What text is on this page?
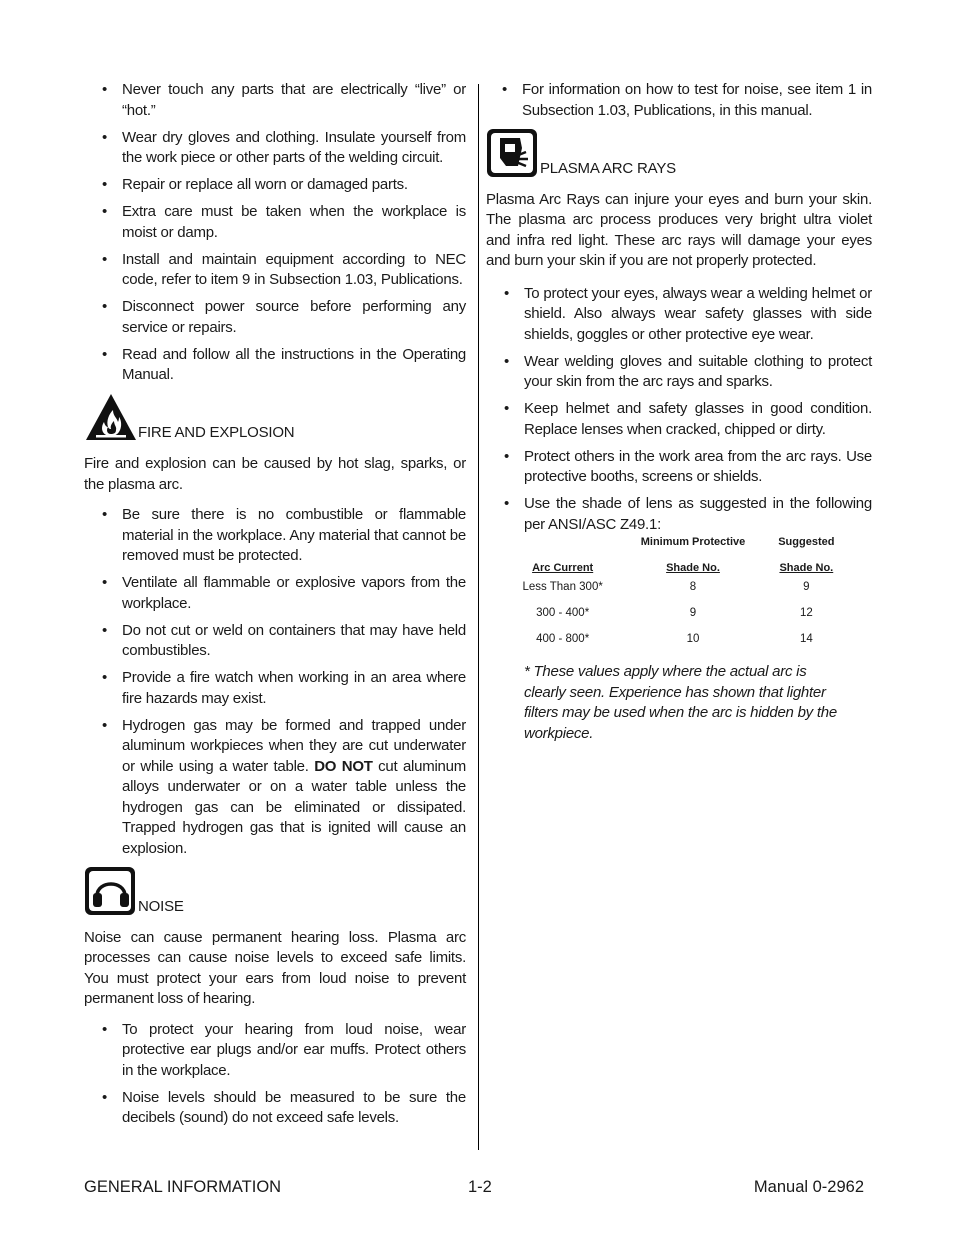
• Never touch any parts that are electrically “live” or “hot.”
• Wear dry gloves and clothing. Insulate yourself from the work piece or other parts of the welding circuit.
• Repair or replace all worn or damaged parts.
• Extra care must be taken when the workplace is moist or damp.
• Install and maintain equipment according to NEC code, refer to item 9 in Subsection 1.03, Publications.
• Disconnect power source before performing any service or repairs.
• Read and follow all the instructions in the Operating Manual.
FIRE AND EXPLOSION

Fire and explosion can be caused by hot slag, sparks, or the plasma arc.

• Be sure there is no combustible or flammable material in the workplace. Any material that cannot be removed must be protected.
• Ventilate all flammable or explosive vapors from the workplace.
• Do not cut or weld on containers that may have held combustibles.
• Provide a fire watch when working in an area where fire hazards may exist.
• Hydrogen gas may be formed and trapped under aluminum workpieces when they are cut underwater or while using a water table. DO NOT cut aluminum alloys underwater or on a water table unless the hydrogen gas can be eliminated or dissipated. Trapped hydrogen gas that is ignited will cause an explosion.
NOISE

Noise can cause permanent hearing loss. Plasma arc processes can cause noise levels to exceed safe limits. You must protect your ears from loud noise to prevent permanent loss of hearing.

• To protect your hearing from loud noise, wear protective ear plugs and/or ear muffs. Protect others in the workplace.
• Noise levels should be measured to be sure the decibels (sound) do not exceed safe levels.
• For information on how to test for noise, see item 1 in Subsection 1.03, Publications, in this manual.
PLASMA ARC RAYS

Plasma Arc Rays can injure your eyes and burn your skin. The plasma arc process produces very bright ultra violet and infra red light. These arc rays will damage your eyes and burn your skin if you are not properly protected.

• To protect your eyes, always wear a welding helmet or shield. Also always wear safety glasses with side shields, goggles or other protective eye wear.
• Wear welding gloves and suitable clothing to protect your skin from the arc rays and sparks.
• Keep helmet and safety glasses in good condition. Replace lenses when cracked, chipped or dirty.
• Protect others in the work area from the arc rays. Use protective booths, screens or shields.
• Use the shade of lens as suggested in the following per ANSI/ASC Z49.1:
	Minimum Protective	Suggested
Arc Current	Shade No.	Shade No.
Less Than 300*	8	9
300 - 400*	9	12
400 - 800*	10	14
* These values apply where the actual arc is clearly seen. Experience has shown that lighter filters may be used when the arc is hidden by the workpiece.
GENERAL INFORMATION	1-2	Manual 0-2962
